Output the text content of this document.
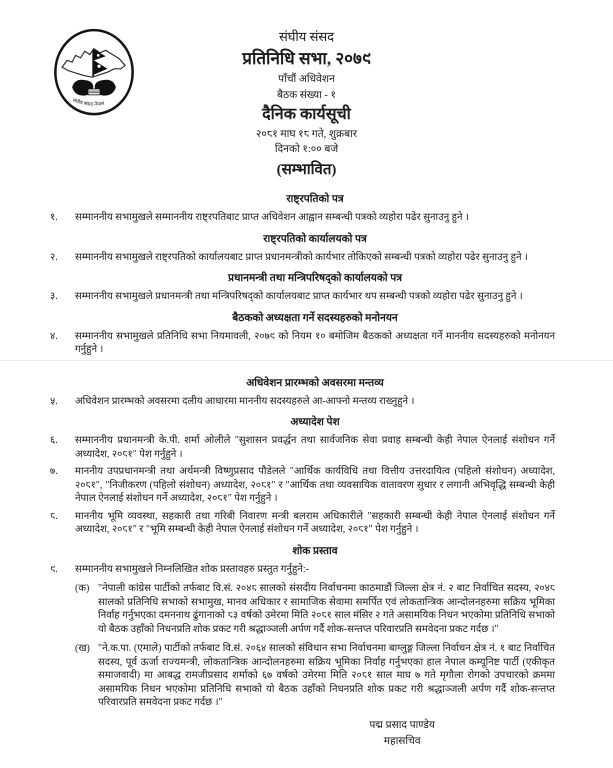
संघीय संसद नेपाल
संघीय संसद
प्रतिनिधि सभा, २०७९
पाँचौं अधिवेशन
बैठक संख्या - १
दैनिक कार्यसूची
२०८१ माघ १८ गते, शुक्रबार
दिनको १:०० बजे
(सम्भावित)
राष्ट्रपतिको पत्र
१.	सम्माननीय सभामुखले सम्माननीय राष्ट्रपतिबाट प्राप्त अधिवेशन आह्वान सम्बन्धी पत्रको व्यहोरा पढेर सुनाउनु हुने ।
राष्ट्रपतिको कार्यालयको पत्र
२.	सम्माननीय सभामुखले राष्ट्रपतिको कार्यालयबाट प्राप्त प्रधानमन्त्रीको कार्यभार तोकिएको सम्बन्धी पत्रको व्यहोरा पढेर सुनाउनु हुने ।
प्रधानमन्त्री तथा मन्त्रिपरिषद्को कार्यालयको पत्र
३.	सम्माननीय सभामुखले प्रधानमन्त्री तथा मन्त्रिपरिषद्को कार्यालयबाट प्राप्त कार्यभार थप सम्बन्धी पत्रको व्यहोरा पढेर सुनाउनु हुने ।
बैठकको अध्यक्षता गर्ने सदस्यहरुको मनोनयन
४.	सम्माननीय सभामुखले प्रतिनिधि सभा नियमावली, २०७९ को नियम १० बमोजिम बैठकको अध्यक्षता गर्ने माननीय सदस्यहरुको मनोनयन गर्नुहुने ।
अधिवेशन प्रारम्भको अवसरमा मन्तव्य
५.	अधिवेशन प्रारम्भको अवसरमा दलीय आधारमा माननीय सदस्यहरुले आ-आफ्नो मन्तव्य राख्नुहुने ।
अध्यादेश पेश
६.	सम्माननीय प्रधानमन्त्री के.पी. शर्मा ओलीले "सुशासन प्रवर्द्धन तथा सार्वजनिक सेवा प्रवाह सम्बन्धी केही नेपाल ऐनलाई संशोधन गर्ने अध्यादेश, २०८१" पेश गर्नुहुने ।
७.	माननीय उपप्रधानमन्त्री तथा अर्थमन्त्री विष्णुप्रसाद पौडेलले "आर्थिक कार्यविधि तथा वित्तीय उत्तरदायित्व (पहिलो संशोधन) अध्यादेश, २०८१", "निजीकरण (पहिलो संशोधन) अध्यादेश, २०८१" र "आर्थिक तथा व्यवसायिक वातावरण सुधार र लगानी अभिवृद्धि सम्बन्धी केही नेपाल ऐनलाई संशोधन गर्ने अध्यादेश, २०८१" पेश गर्नुहुने ।
८.	माननीय भूमि व्यवस्था, सहकारी तथा गरिबी निवारण मन्त्री बलराम अधिकारीले "सहकारी सम्बन्धी केही नेपाल ऐनलाई संशोधन गर्ने अध्यादेश, २०८१" र "भूमि सम्बन्धी केही नेपाल ऐनलाई संशोधन गर्ने अध्यादेश, २०८१" पेश गर्नुहुने ।
शोक प्रस्ताव
९.	सम्माननीय सभामुखले निम्नलिखित शोक प्रस्तावहरु प्रस्तुत गर्नुहुने:-
(क) "नेपाली कांग्रेस पार्टीको तर्फबाट वि.सं. २०४८ सालको संसदीय निर्वाचनमा काठमाडौं जिल्ला क्षेत्र नं. २ बाट निर्वाचित सदस्य, २०४८ सालको प्रतिनिधि सभाको सभामुख, मानव अधिकार र सामाजिक सेवामा समर्पित एवं लोकतान्त्रिक आन्दोलनहरुमा सक्रिय भूमिका निर्वाह गर्नुभएका दमननाथ ढुंगानाको ८३ वर्षको उमेरमा मिति २०८१ साल मंसिर २ गते असामयिक निधन भएकोमा प्रतिनिधि सभाको यो बैठक उहाँको निधनप्रति शोक प्रकट गरी श्रद्धाञ्जली अर्पण गर्दै शोक-सन्तप्त परिवारप्रति समवेदना प्रकट गर्दछ ।"
(ख) "ने.क.पा. (एमाले) पार्टीको तर्फबाट वि.सं. २०६४ सालको संविधान सभा निर्वाचनमा बाग्लुङ्ग जिल्ला निर्वाचन क्षेत्र नं. १ बाट निर्वाचित सदस्य, पूर्व ऊर्जा राज्यमन्त्री, लोकतान्त्रिक आन्दोलनहरुमा सक्रिय भूमिका निर्वाह गर्नुभएका हाल नेपाल कम्यूनिष्ट पार्टी (एकीकृत समाजवादी) मा आबद्ध रामजीप्रसाद शर्माको ६७ वर्षको उमेरमा मिति २०८१ साल माघ ७ गते मृगौला रोगको उपचारको क्रममा असामयिक निधन भएकोमा प्रतिनिधि सभाको यो बैठक उहाँको निधनप्रति शोक प्रकट गरी श्रद्धाञ्जली अर्पण गर्दै शोक-सन्तप्त परिवारप्रति समवेदना प्रकट गर्दछ ।"
पद्म प्रसाद पाण्डेय
महासचिव
